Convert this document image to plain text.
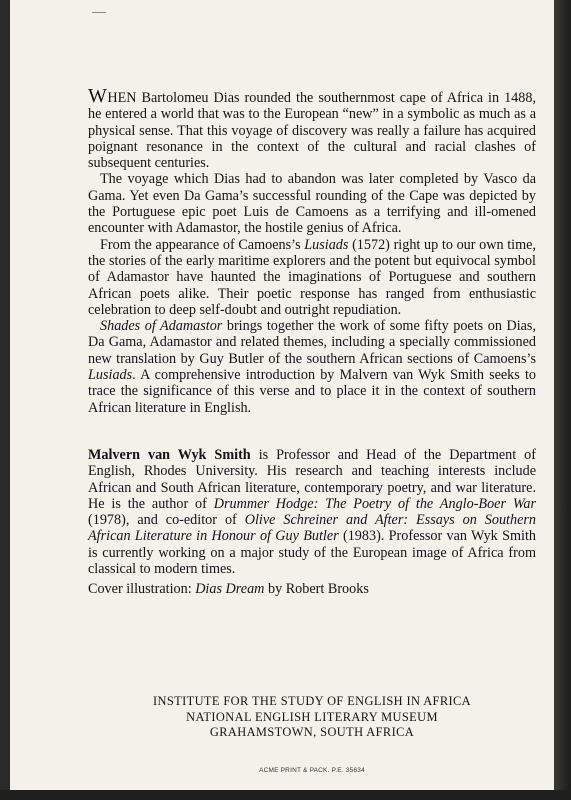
WHEN Bartolomeu Dias rounded the southernmost cape of Africa in 1488, he entered a world that was to the European “new” in a symbolic as much as a physical sense. That this voyage of discovery was really a failure has acquired poignant resonance in the context of the cultural and racial clashes of subsequent centuries.

The voyage which Dias had to abandon was later completed by Vasco da Gama. Yet even Da Gama’s successful rounding of the Cape was depicted by the Portuguese epic poet Luis de Camoens as a terrifying and ill-omened encounter with Adamastor, the hostile genius of Africa.

From the appearance of Camoens’s Lusiads (1572) right up to our own time, the stories of the early maritime explorers and the potent but equivocal symbol of Adamastor have haunted the imaginations of Portuguese and southern African poets alike. Their poetic response has ranged from enthusiastic celebration to deep self-doubt and outright repudiation.

Shades of Adamastor brings together the work of some fifty poets on Dias, Da Gama, Adamastor and related themes, including a specially commissioned new translation by Guy Butler of the southern African sections of Camoens’s Lusiads. A comprehensive introduction by Malvern van Wyk Smith seeks to trace the significance of this verse and to place it in the context of southern African literature in English.

Malvern van Wyk Smith is Professor and Head of the Department of English, Rhodes University. His research and teaching interests include African and South African literature, contemporary poetry, and war literature. He is the author of Drummer Hodge: The Poetry of the Anglo-Boer War (1978), and co-editor of Olive Schreiner and After: Essays on Southern African Literature in Honour of Guy Butler (1983). Professor van Wyk Smith is currently working on a major study of the European image of Africa from classical to modern times.

Cover illustration: Dias Dream by Robert Brooks
INSTITUTE FOR THE STUDY OF ENGLISH IN AFRICA
NATIONAL ENGLISH LITERARY MUSEUM
GRAHAMSTOWN, SOUTH AFRICA
ACME PRINT & PACK. P.E. 35634
